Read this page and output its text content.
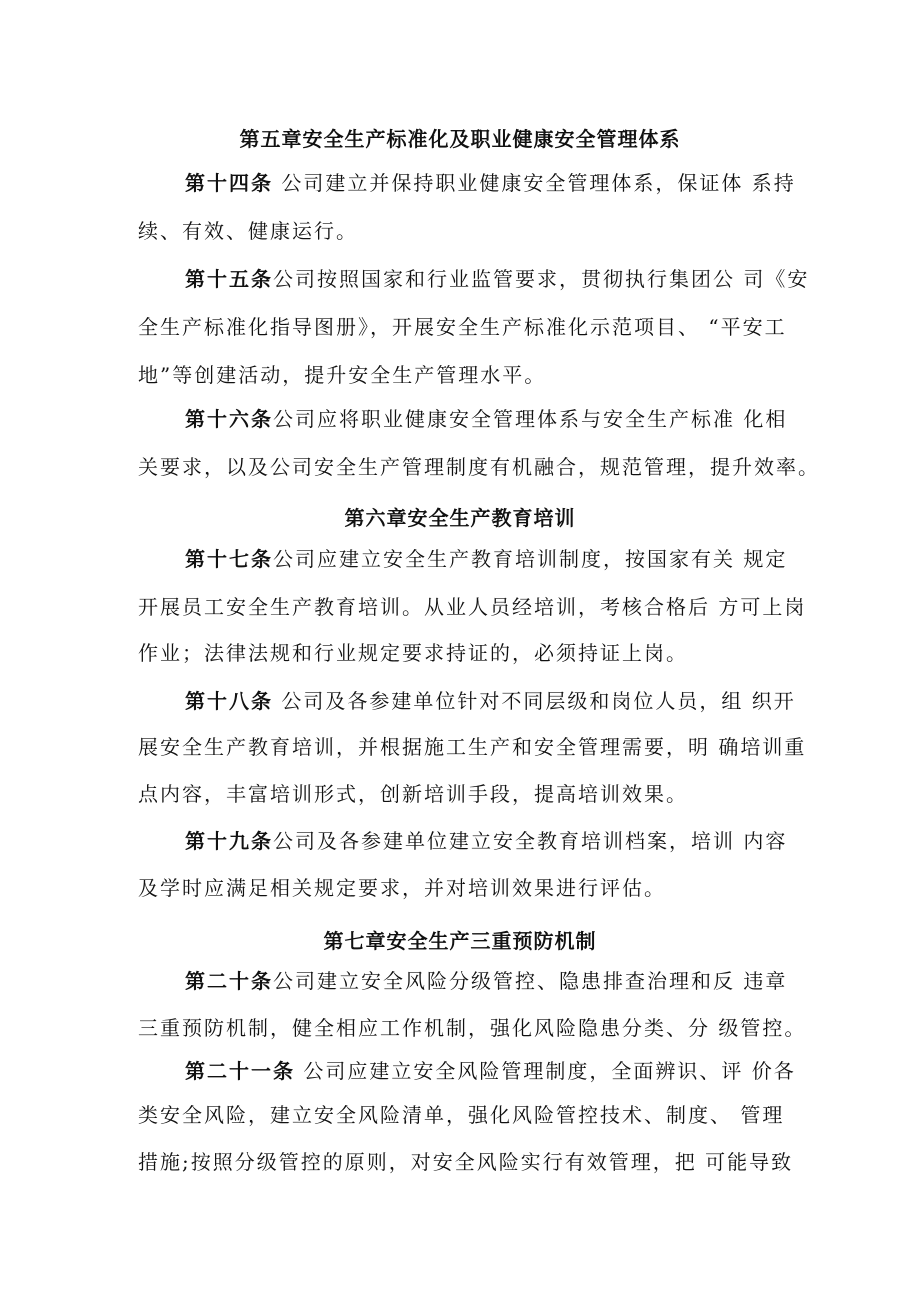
第五章安全生产标准化及职业健康安全管理体系
第十四条 公司建立并保持职业健康安全管理体系，保证体 系持
续、有效、健康运行。
第十五条公司按照国家和行业监管要求，贯彻执行集团公 司《安
全生产标准化指导图册》，开展安全生产标准化示范项目、 “平安工
地”等创建活动，提升安全生产管理水平。
第十六条公司应将职业健康安全管理体系与安全生产标准 化相
关要求，以及公司安全生产管理制度有机融合，规范管理，提升效率。
第六章安全生产教育培训
第十七条公司应建立安全生产教育培训制度，按国家有关 规定
开展员工安全生产教育培训。从业人员经培训，考核合格后 方可上岗
作业；法律法规和行业规定要求持证的，必须持证上岗。
第十八条 公司及各参建单位针对不同层级和岗位人员，组 织开
展安全生产教育培训，并根据施工生产和安全管理需要，明 确培训重
点内容，丰富培训形式，创新培训手段，提高培训效果。
第十九条公司及各参建单位建立安全教育培训档案，培训 内容
及学时应满足相关规定要求，并对培训效果进行评估。
第七章安全生产三重预防机制
第二十条公司建立安全风险分级管控、隐患排查治理和反 违章
三重预防机制，健全相应工作机制，强化风险隐患分类、分 级管控。
第二十一条 公司应建立安全风险管理制度，全面辨识、评 价各
类安全风险，建立安全风险清单，强化风险管控技术、制度、 管理
措施;按照分级管控的原则，对安全风险实行有效管理，把 可能导致
